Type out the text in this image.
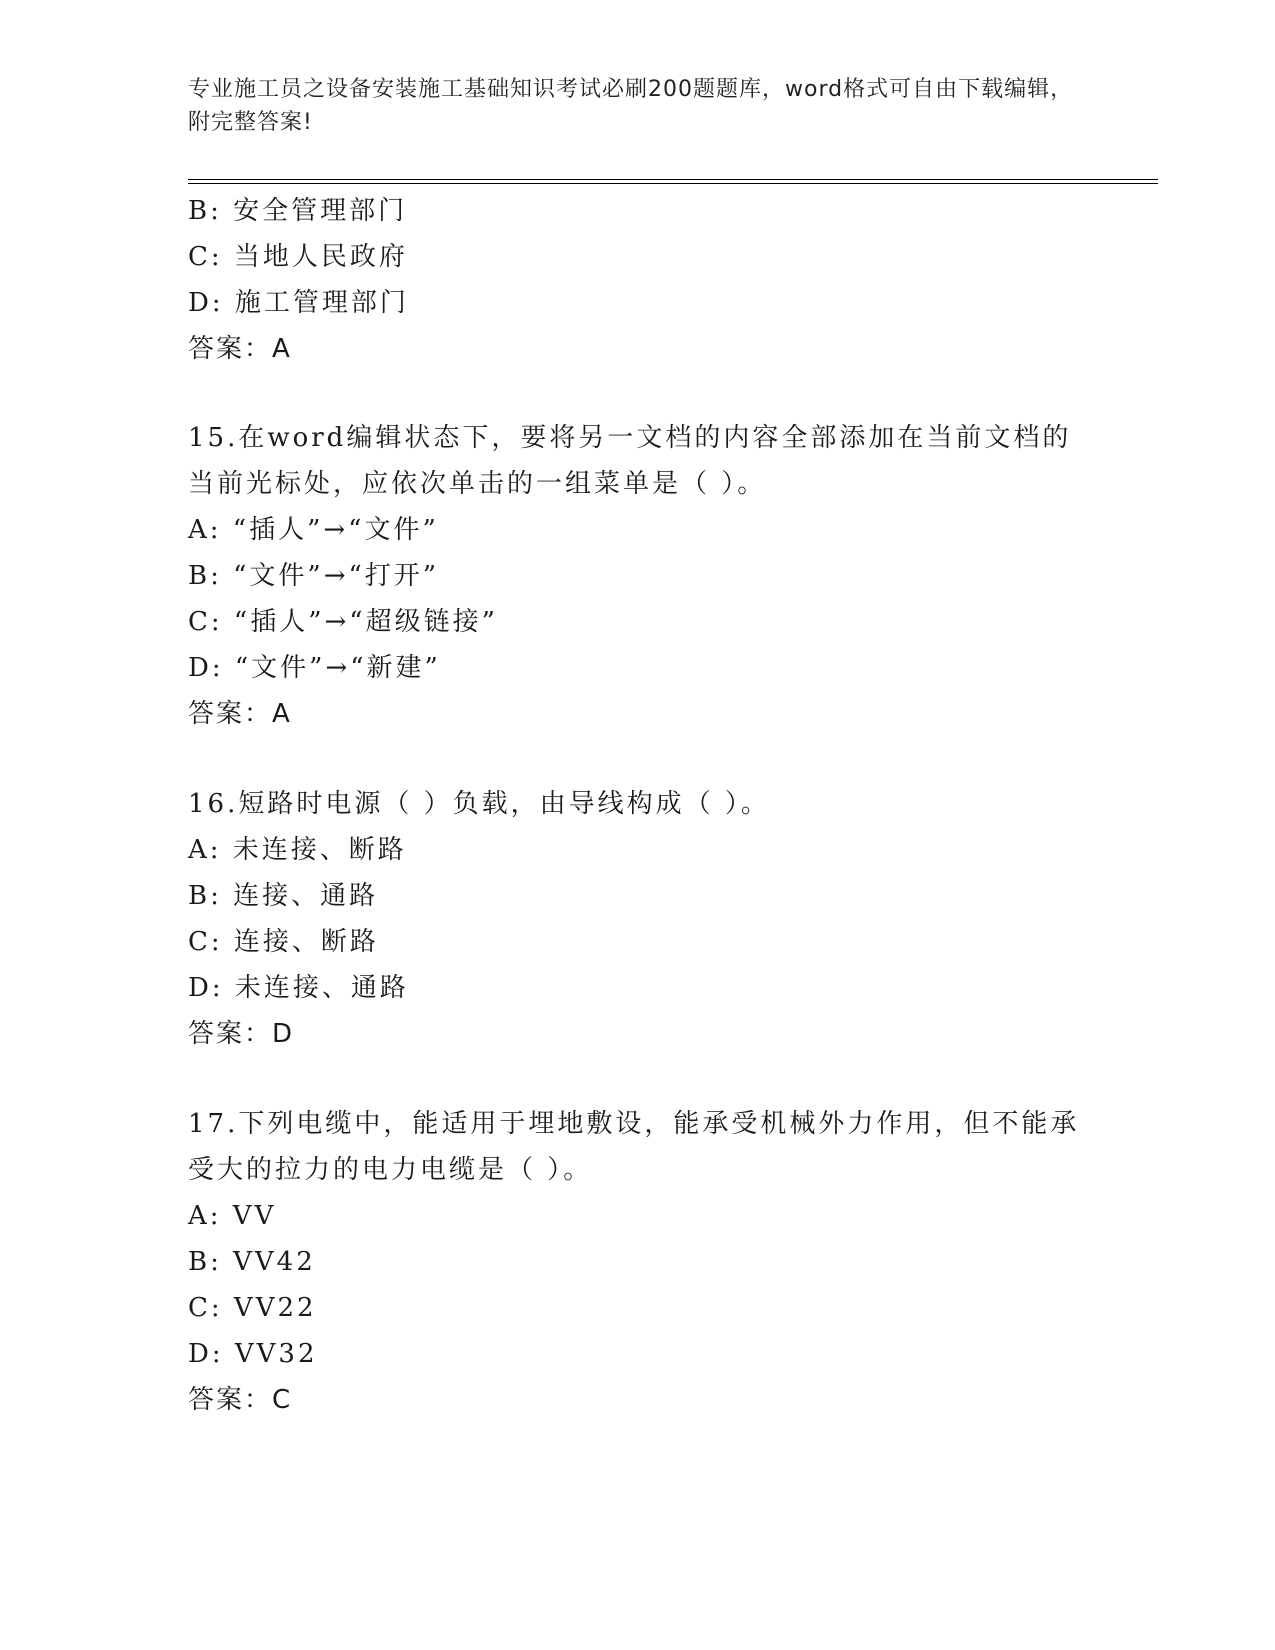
专业施工员之设备安装施工基础知识考试必刷200题题库，word格式可自由下载编辑，附完整答案!
B: 安全管理部门
C: 当地人民政府
D: 施工管理部门
答案：A
15.在word编辑状态下，要将另一文档的内容全部添加在当前文档的当前光标处，应依次单击的一组菜单是（ ）。
A: “插人”→“文件”
B: “文件”→“打开”
C: “插人”→“超级链接”
D: “文件”→“新建”
答案：A
16.短路时电源（ ）负载，由导线构成（ ）。
A: 未连接、断路
B: 连接、通路
C: 连接、断路
D: 未连接、通路
答案：D
17.下列电缆中，能适用于埋地敷设，能承受机械外力作用，但不能承受大的拉力的电力电缆是（ ）。
A: VV
B: VV42
C: VV22
D: VV32
答案：C
